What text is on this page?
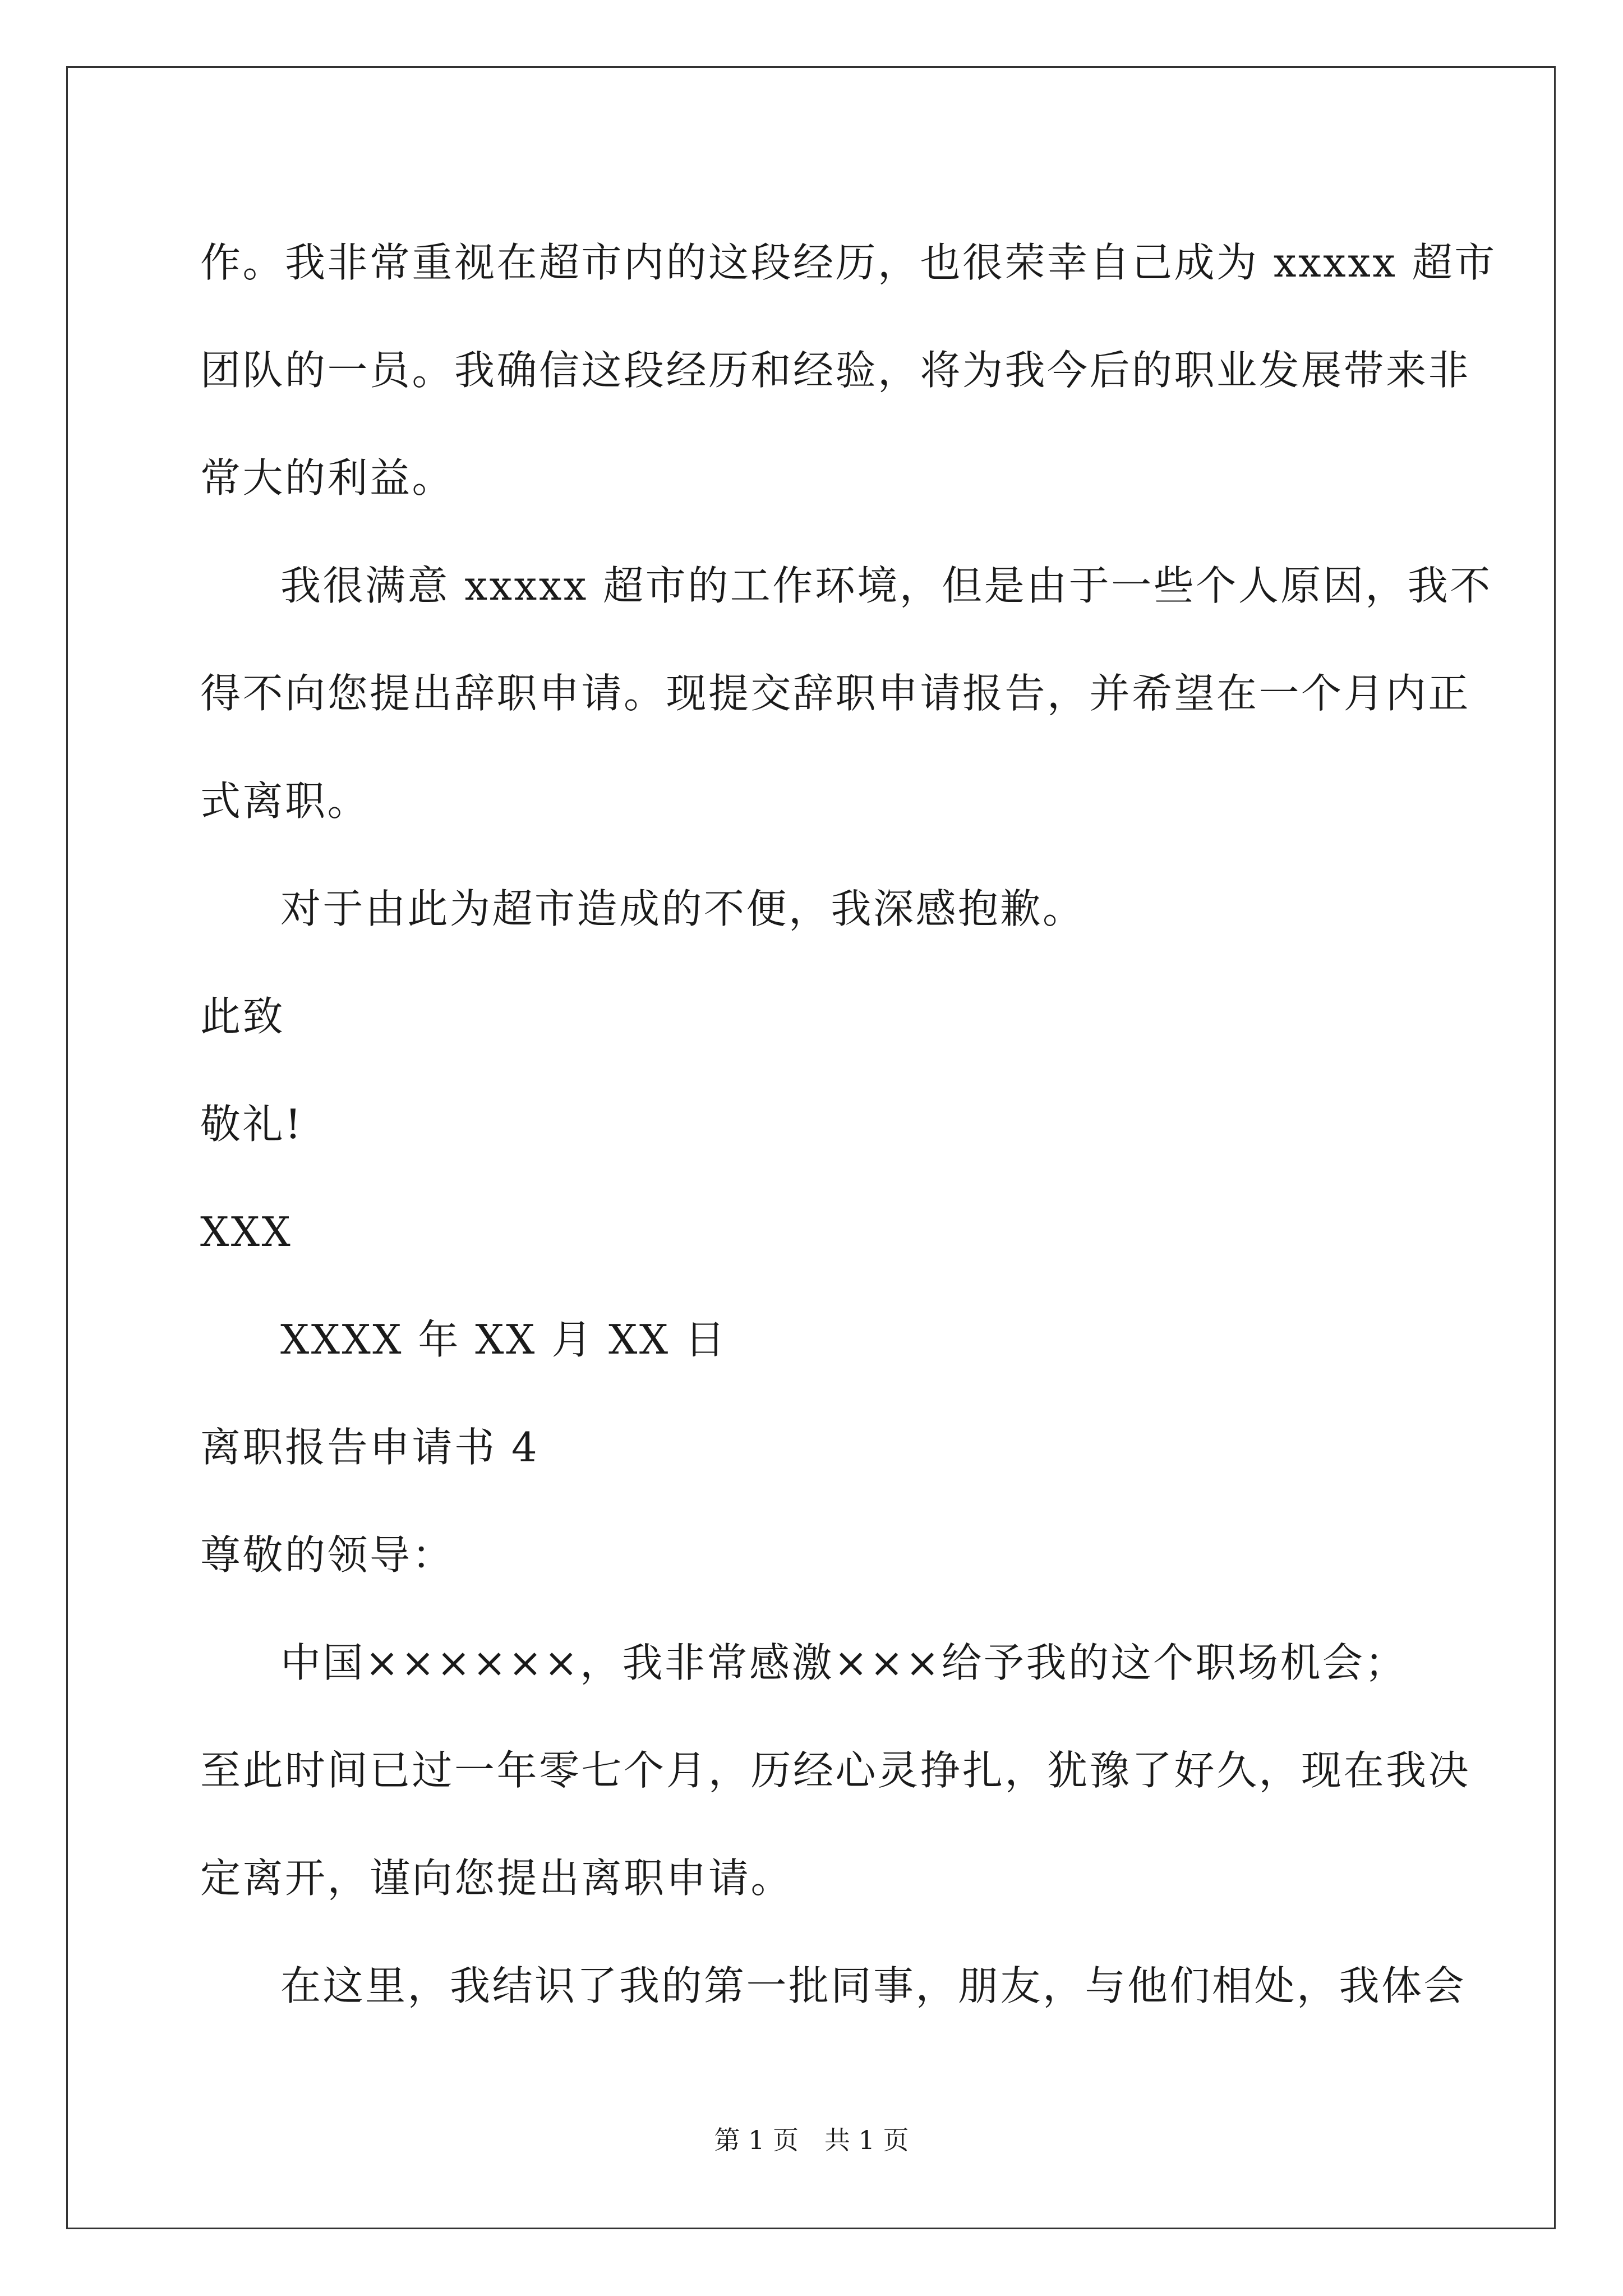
作。我非常重视在超市内的这段经历，也很荣幸自己成为 xxxxx 超市
团队的一员。我确信这段经历和经验，将为我今后的职业发展带来非
常大的利益。
我很满意 xxxxx 超市的工作环境，但是由于一些个人原因，我不
得不向您提出辞职申请。现提交辞职申请报告，并希望在一个月内正
式离职。
对于由此为超市造成的不便，我深感抱歉。
此致
敬礼!
XXX
XXXX 年 XX 月 XX 日
离职报告申请书 4
尊敬的领导：
中国××××××，我非常感激×××给予我的这个职场机会；
至此时间已过一年零七个月，历经心灵挣扎，犹豫了好久，现在我决
定离开，谨向您提出离职申请。
在这里，我结识了我的第一批同事，朋友，与他们相处，我体会
第 1 页 共 1 页
